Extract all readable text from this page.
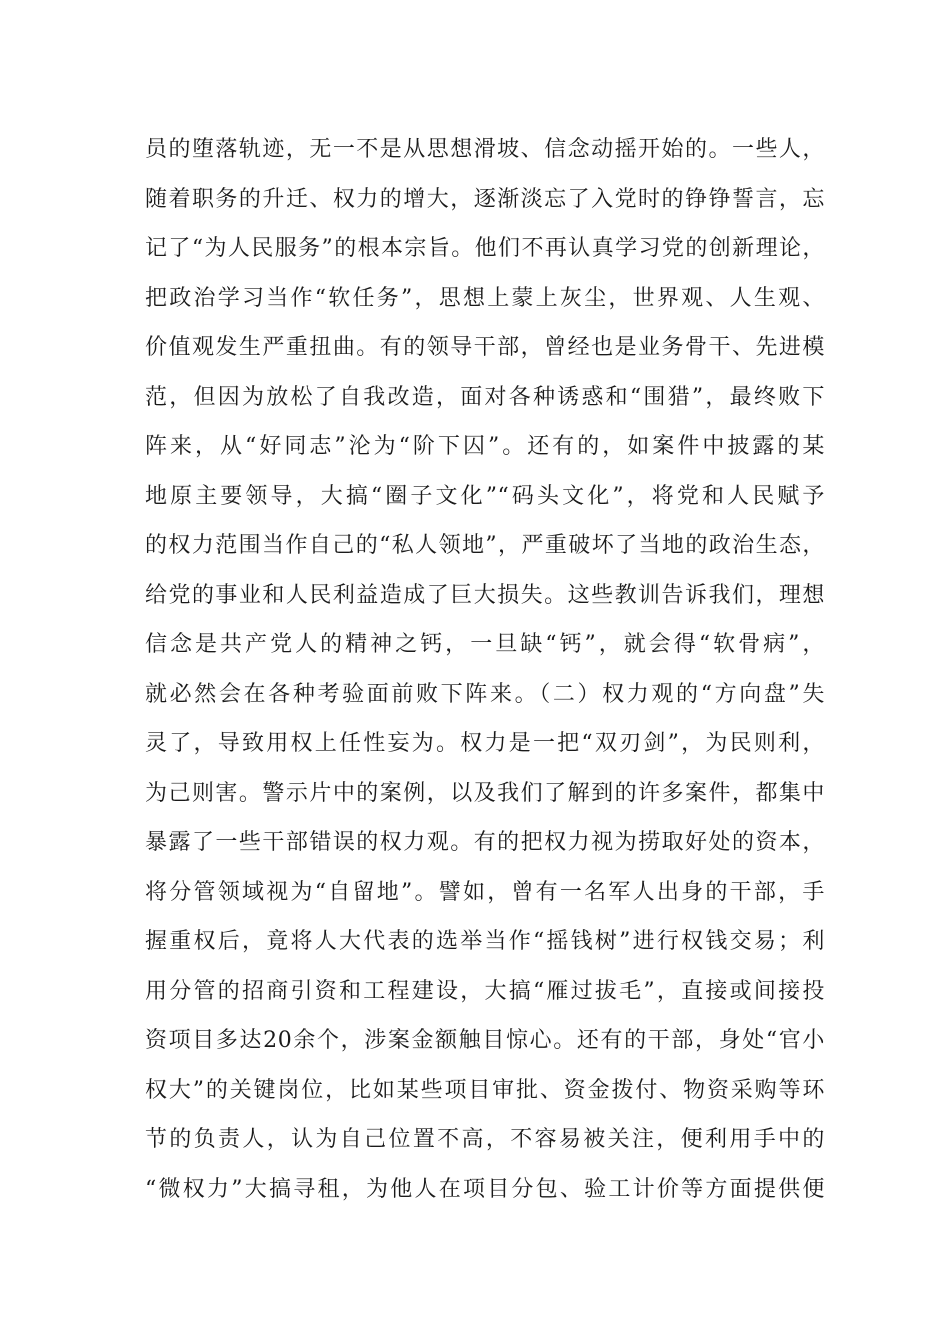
员的堕落轨迹，无一不是从思想滑坡、信念动摇开始的。一些人，
随着职务的升迁、权力的增大，逐渐淡忘了入党时的铮铮誓言，忘
记了“为人民服务”的根本宗旨。他们不再认真学习党的创新理论，
把政治学习当作“软任务”，思想上蒙上灰尘，世界观、人生观、
价值观发生严重扭曲。有的领导干部，曾经也是业务骨干、先进模
范，但因为放松了自我改造，面对各种诱惑和“围猎”，最终败下
阵来，从“好同志”沦为“阶下囚”。还有的，如案件中披露的某
地原主要领导，大搞“圈子文化”“码头文化”，将党和人民赋予
的权力范围当作自己的“私人领地”，严重破坏了当地的政治生态，
给党的事业和人民利益造成了巨大损失。这些教训告诉我们，理想
信念是共产党人的精神之钙，一旦缺“钙”，就会得“软骨病”，
就必然会在各种考验面前败下阵来。（二）权力观的“方向盘”失
灵了，导致用权上任性妄为。权力是一把“双刃剑”，为民则利，
为己则害。警示片中的案例，以及我们了解到的许多案件，都集中
暴露了一些干部错误的权力观。有的把权力视为捞取好处的资本，
将分管领域视为“自留地”。譬如，曾有一名军人出身的干部，手
握重权后，竟将人大代表的选举当作“摇钱树”进行权钱交易；利
用分管的招商引资和工程建设，大搞“雁过拔毛”，直接或间接投
资项目多达20余个，涉案金额触目惊心。还有的干部，身处“官小
权大”的关键岗位，比如某些项目审批、资金拨付、物资采购等环
节的负责人，认为自己位置不高，不容易被关注，便利用手中的
“微权力”大搞寻租，为他人在项目分包、验工计价等方面提供便
